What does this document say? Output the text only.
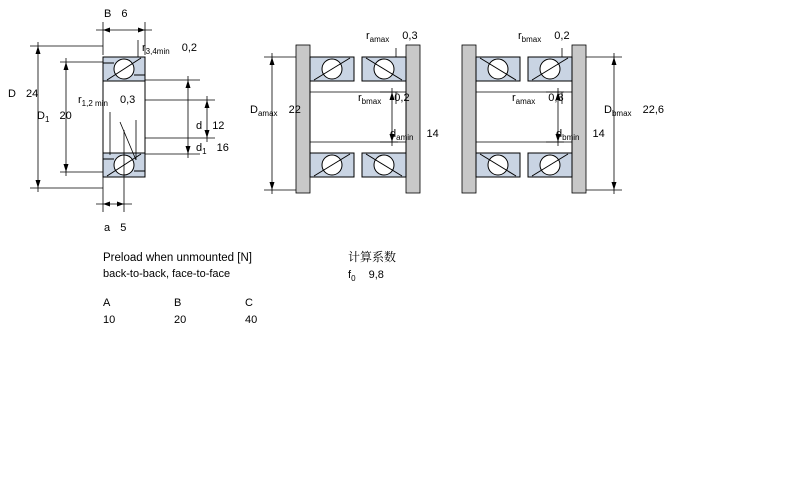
B 6
$r_{3,4min}$ 0,2
$r_{1,2 min}$ 0,3
D 24
$D_1$ 20
d 12
$d_1$ 16
a 5
$r_{amax}$ 0,3	$r_{bmax}$ 0,2
$r_{bmax}$ 0,2	$r_{amax}$ 0,3
$D_{amax}$ 22
$d_{amin}$ 14
$D_{bmax}$ 22,6
$d_{bmin}$ 14
Preload when unmounted [N]
back-to-back, face-to-face
计算系数
$f_0$ 9,8
A	B	C
10	20	40
